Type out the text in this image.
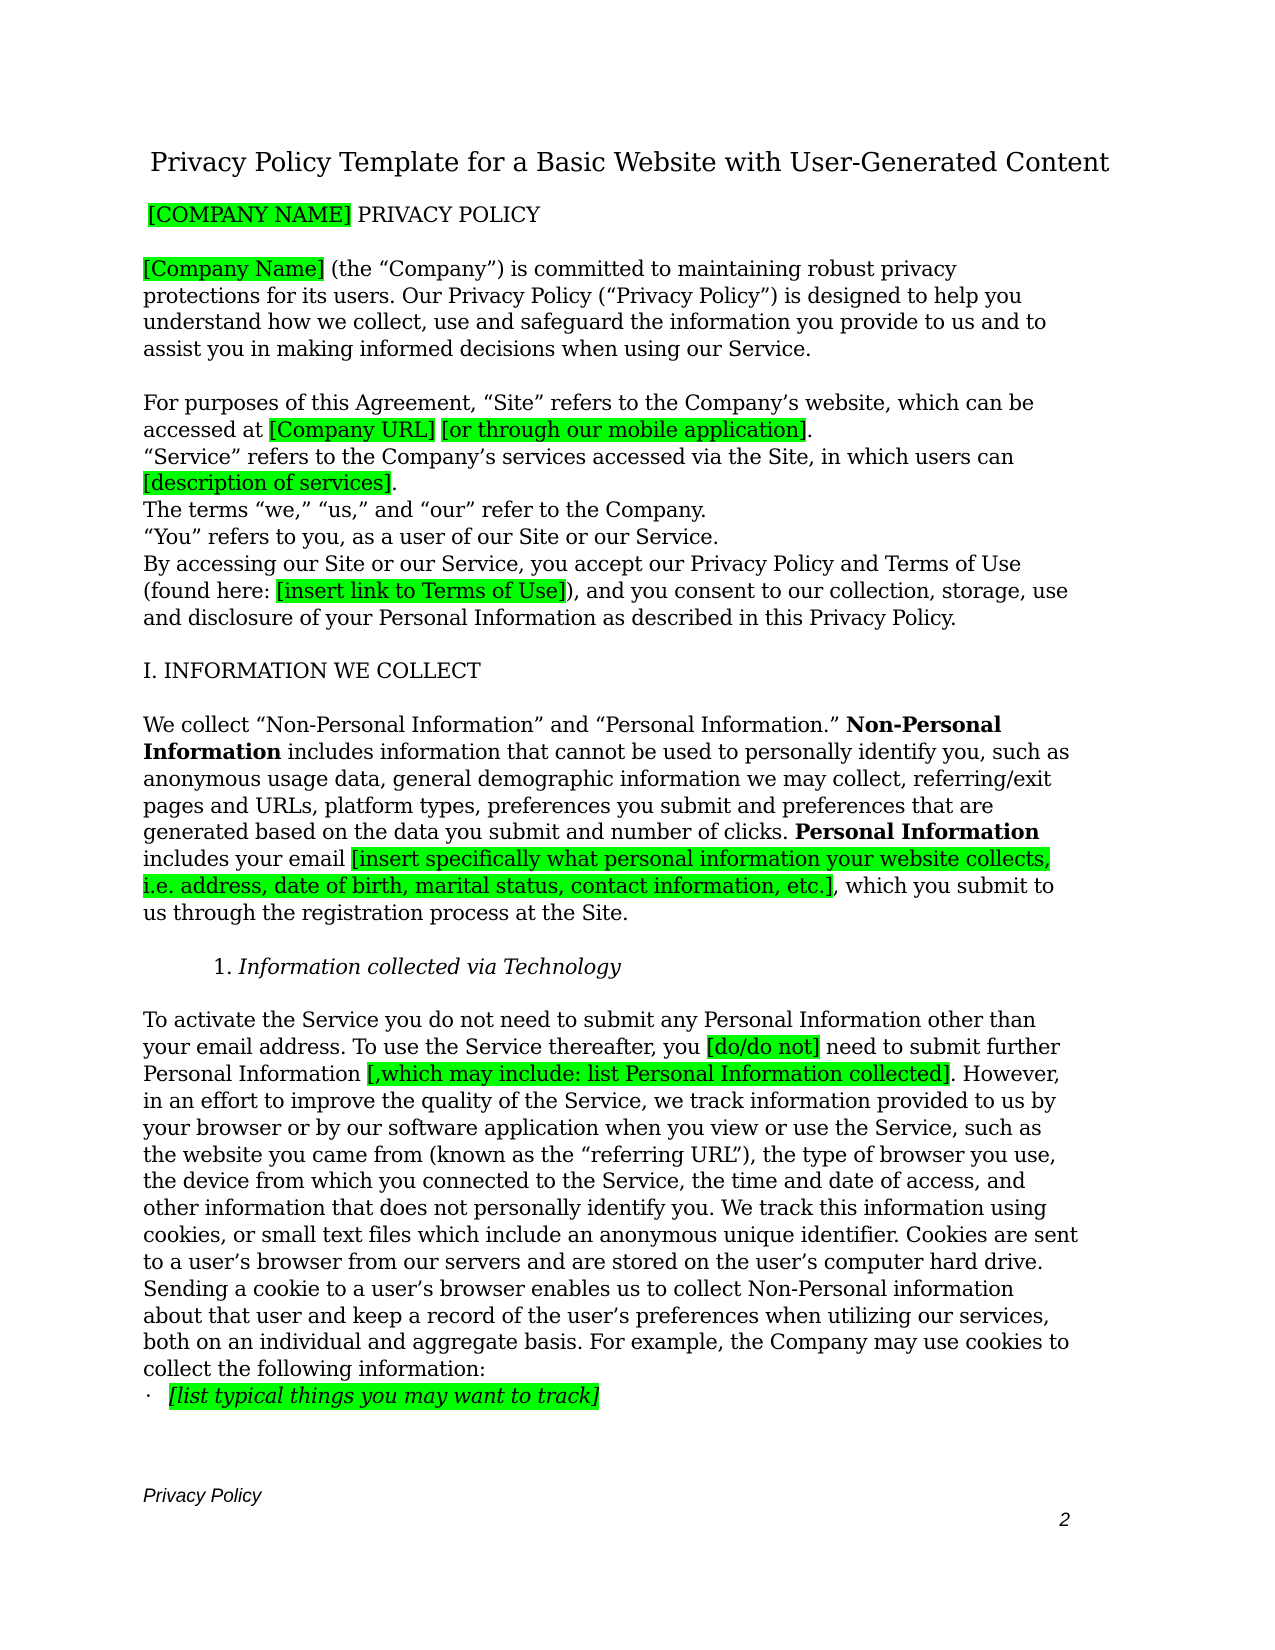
Privacy Policy Template for a Basic Website with User-Generated Content

[COMPANY NAME] PRIVACY POLICY

[Company Name] (the “Company”) is committed to maintaining robust privacy protections for its users. Our Privacy Policy (“Privacy Policy”) is designed to help you understand how we collect, use and safeguard the information you provide to us and to assist you in making informed decisions when using our Service.

For purposes of this Agreement, “Site” refers to the Company’s website, which can be accessed at [Company URL] [or through our mobile application].

“Service” refers to the Company’s services accessed via the Site, in which users can [description of services].

The terms “we,” “us,” and “our” refer to the Company.

“You” refers to you, as a user of our Site or our Service.

By accessing our Site or our Service, you accept our Privacy Policy and Terms of Use (found here: [insert link to Terms of Use]), and you consent to our collection, storage, use and disclosure of your Personal Information as described in this Privacy Policy.

I. INFORMATION WE COLLECT

We collect “Non-Personal Information” and “Personal Information.” Non-Personal Information includes information that cannot be used to personally identify you, such as anonymous usage data, general demographic information we may collect, referring/exit pages and URLs, platform types, preferences you submit and preferences that are generated based on the data you submit and number of clicks. Personal Information includes your email [insert specifically what personal information your website collects, i.e. address, date of birth, marital status, contact information, etc.], which you submit to us through the registration process at the Site.

1. Information collected via Technology

To activate the Service you do not need to submit any Personal Information other than your email address. To use the Service thereafter, you [do/do not] need to submit further Personal Information [,which may include: list Personal Information collected]. However, in an effort to improve the quality of the Service, we track information provided to us by your browser or by our software application when you view or use the Service, such as the website you came from (known as the “referring URL”), the type of browser you use, the device from which you connected to the Service, the time and date of access, and other information that does not personally identify you. We track this information using cookies, or small text files which include an anonymous unique identifier. Cookies are sent to a user’s browser from our servers and are stored on the user’s computer hard drive. Sending a cookie to a user’s browser enables us to collect Non-Personal information about that user and keep a record of the user’s preferences when utilizing our services, both on an individual and aggregate basis. For example, the Company may use cookies to collect the following information:

· [list typical things you may want to track]
Privacy Policy
2
